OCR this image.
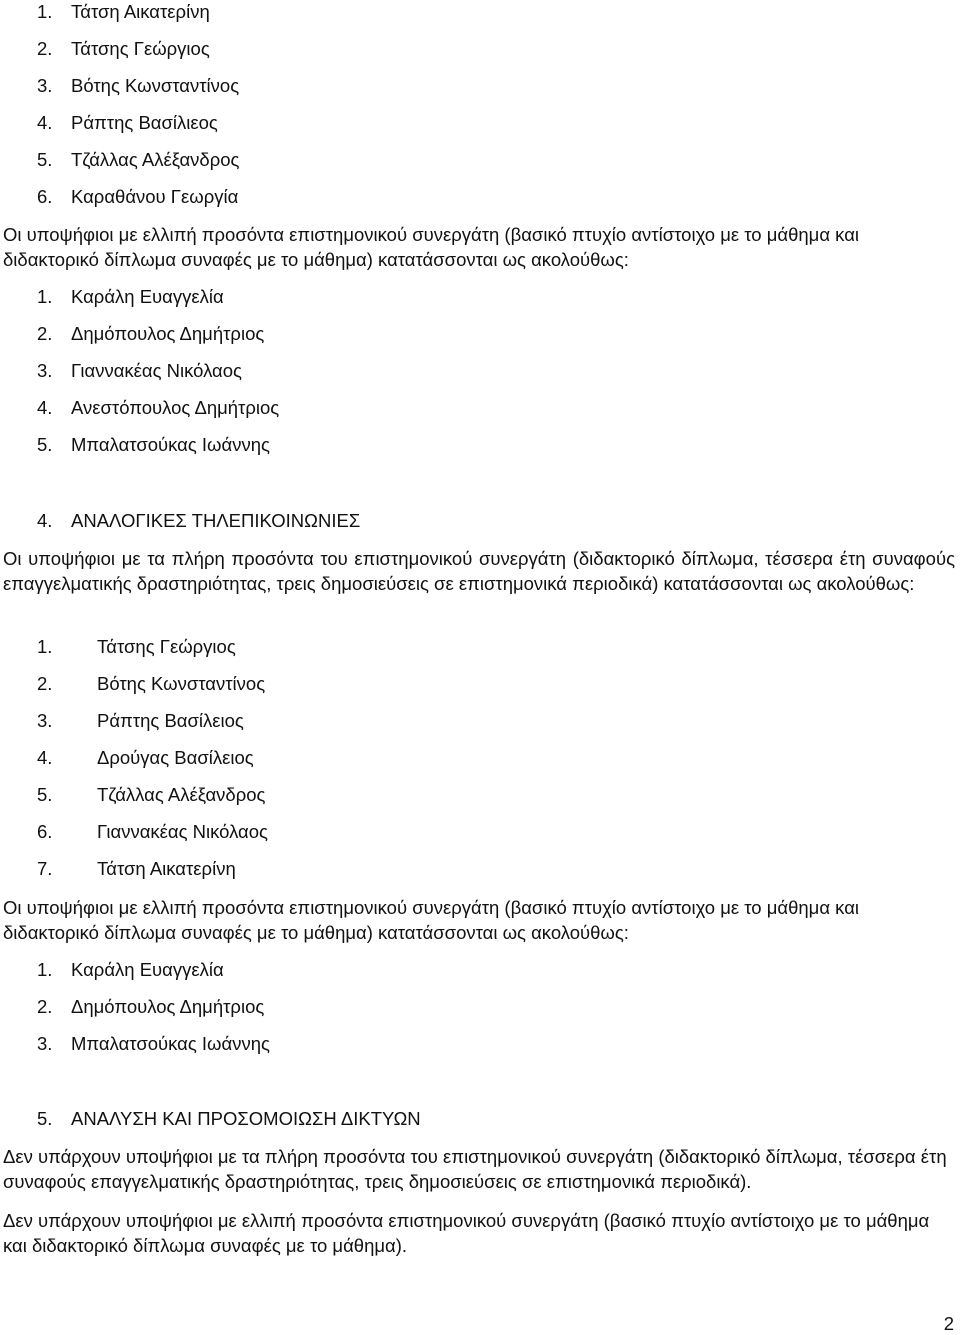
1. Τάτση Αικατερίνη
2. Τάτσης Γεώργιος
3. Βότης Κωνσταντίνος
4. Ράπτης Βασίλιεος
5. Τζάλλας Αλέξανδρος
6. Καραθάνου Γεωργία

Οι υποψήφιοι με ελλιπή προσόντα επιστημονικού συνεργάτη (βασικό πτυχίο αντίστοιχο με το μάθημα και διδακτορικό δίπλωμα συναφές με το μάθημα) κατατάσσονται ως ακολούθως:

1. Καράλη Ευαγγελία
2. Δημόπουλος Δημήτριος
3. Γιαννακέας Νικόλαος
4. Ανεστόπουλος Δημήτριος
5. Μπαλατσούκας Ιωάννης
4. ΑΝΑΛΟΓΙΚΕΣ ΤΗΛΕΠΙΚΟΙΝΩΝΙΕΣ

Οι υποψήφιοι με τα πλήρη προσόντα του επιστημονικού συνεργάτη (διδακτορικό δίπλωμα, τέσσερα έτη συναφούς επαγγελματικής δραστηριότητας, τρεις δημοσιεύσεις σε επιστημονικά περιοδικά) κατατάσσονται ως ακολούθως:

1. Τάτσης Γεώργιος
2. Βότης Κωνσταντίνος
3. Ράπτης Βασίλειος
4. Δρούγας Βασίλειος
5. Τζάλλας Αλέξανδρος
6. Γιαννακέας Νικόλαος
7. Τάτση Αικατερίνη

Οι υποψήφιοι με ελλιπή προσόντα επιστημονικού συνεργάτη (βασικό πτυχίο αντίστοιχο με το μάθημα και διδακτορικό δίπλωμα συναφές με το μάθημα) κατατάσσονται ως ακολούθως:

1. Καράλη Ευαγγελία
2. Δημόπουλος Δημήτριος
3. Μπαλατσούκας Ιωάννης
5. ΑΝΑΛΥΣΗ ΚΑΙ ΠΡΟΣΟΜΟΙΩΣΗ ΔΙΚΤΥΩΝ

Δεν υπάρχουν υποψήφιοι με τα πλήρη προσόντα του επιστημονικού συνεργάτη (διδακτορικό δίπλωμα, τέσσερα έτη συναφούς επαγγελματικής δραστηριότητας, τρεις δημοσιεύσεις σε επιστημονικά περιοδικά).

Δεν υπάρχουν υποψήφιοι με ελλιπή προσόντα επιστημονικού συνεργάτη (βασικό πτυχίο αντίστοιχο με το μάθημα και διδακτορικό δίπλωμα συναφές με το μάθημα).

2
